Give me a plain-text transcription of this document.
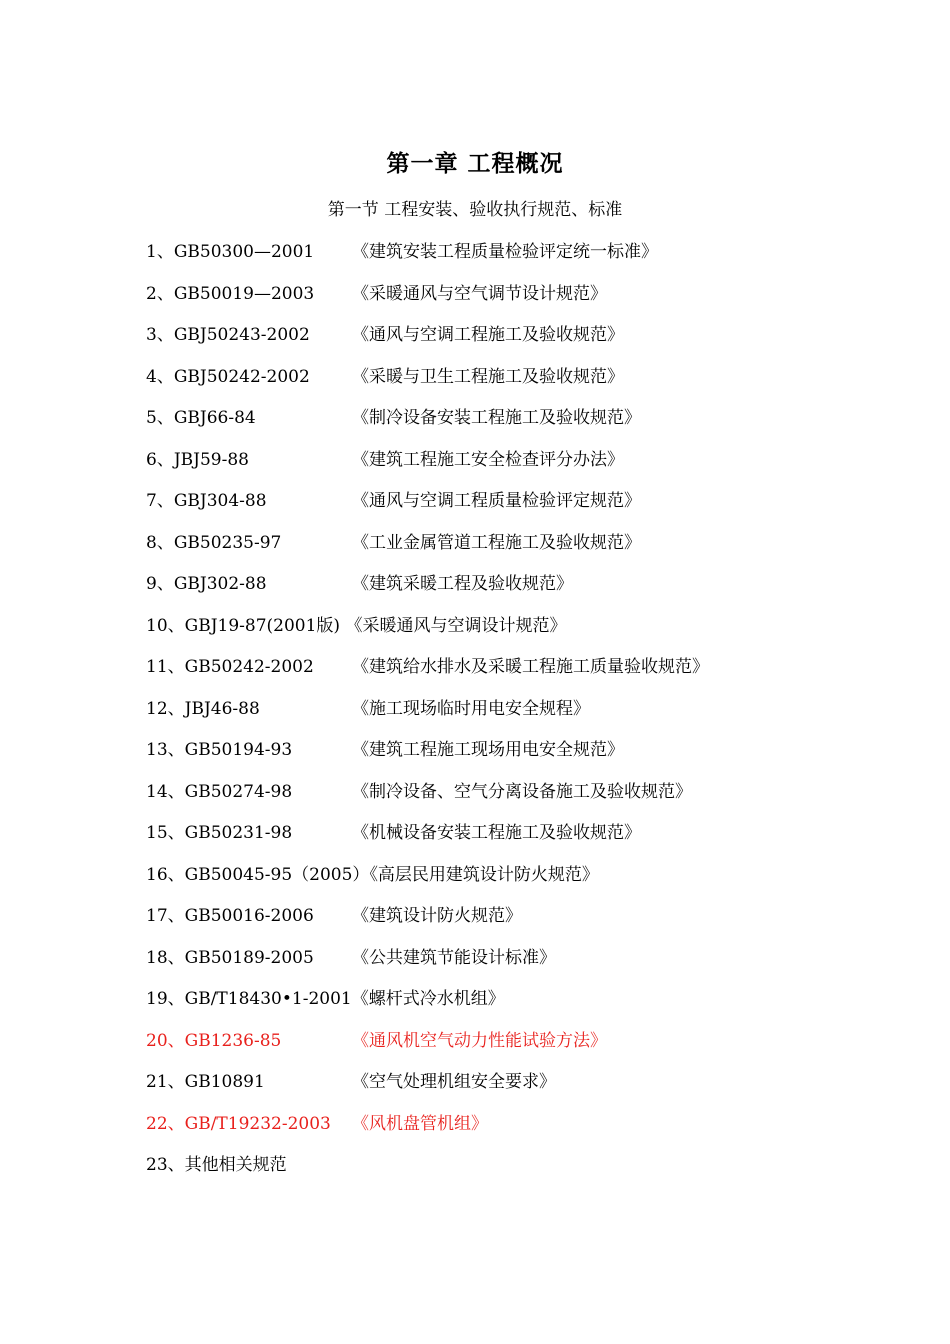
第一章 工程概况
第一节 工程安装、验收执行规范、标准
1、GB50300—2001 《建筑安装工程质量检验评定统一标准》
2、GB50019—2003 《采暖通风与空气调节设计规范》
3、GBJ50243-2002 《通风与空调工程施工及验收规范》
4、GBJ50242-2002 《采暖与卫生工程施工及验收规范》
5、GBJ66-84	《制冷设备安装工程施工及验收规范》
6、JBJ59-88	《建筑工程施工安全检查评分办法》
7、GBJ304-88	《通风与空调工程质量检验评定规范》
8、GB50235-97	《工业金属管道工程施工及验收规范》
9、GBJ302-88	《建筑采暖工程及验收规范》
10、GBJ19-87(2001版) 《采暖通风与空调设计规范》
11、GB50242-2002 《建筑给水排水及采暖工程施工质量验收规范》
12、JBJ46-88	《施工现场临时用电安全规程》
13、GB50194-93	《建筑工程施工现场用电安全规范》
14、GB50274-98	《制冷设备、空气分离设备施工及验收规范》
15、GB50231-98	《机械设备安装工程施工及验收规范》
16、GB50045-95（2005）《高层民用建筑设计防火规范》
17、GB50016-2006 《建筑设计防火规范》
18、GB50189-2005 《公共建筑节能设计标准》
19、GB/T18430•1-2001《螺杆式冷水机组》
20、GB1236-85	《通风机空气动力性能试验方法》
21、GB10891	《空气处理机组安全要求》
22、GB/T19232-2003 《风机盘管机组》
23、其他相关规范
